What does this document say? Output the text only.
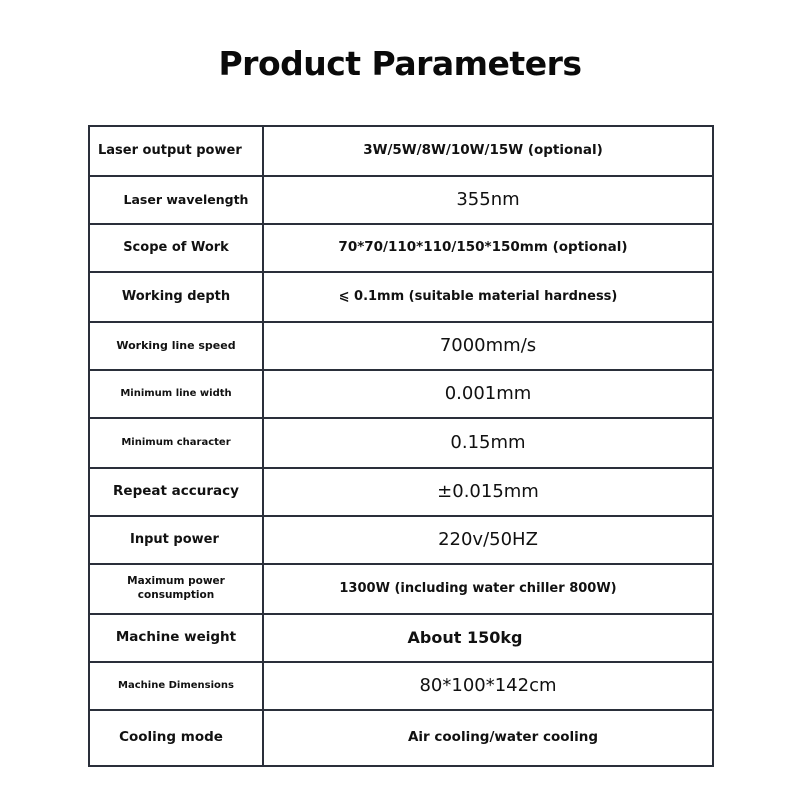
Product Parameters
Laser output power	3W/5W/8W/10W/15W (optional)
Laser wavelength	355nm
Scope of Work	70*70/110*110/150*150mm (optional)
Working depth	⩽ 0.1mm (suitable material hardness)
Working line speed	7000mm/s
Minimum line width	0.001mm
Minimum character	0.15mm
Repeat accuracy	±0.015mm
Input power	220v/50HZ

Maximum power
consumption	1300W (including water chiller 800W)
Machine weight	About 150kg
Machine Dimensions	80*100*142cm
Cooling mode	Air cooling/water cooling
